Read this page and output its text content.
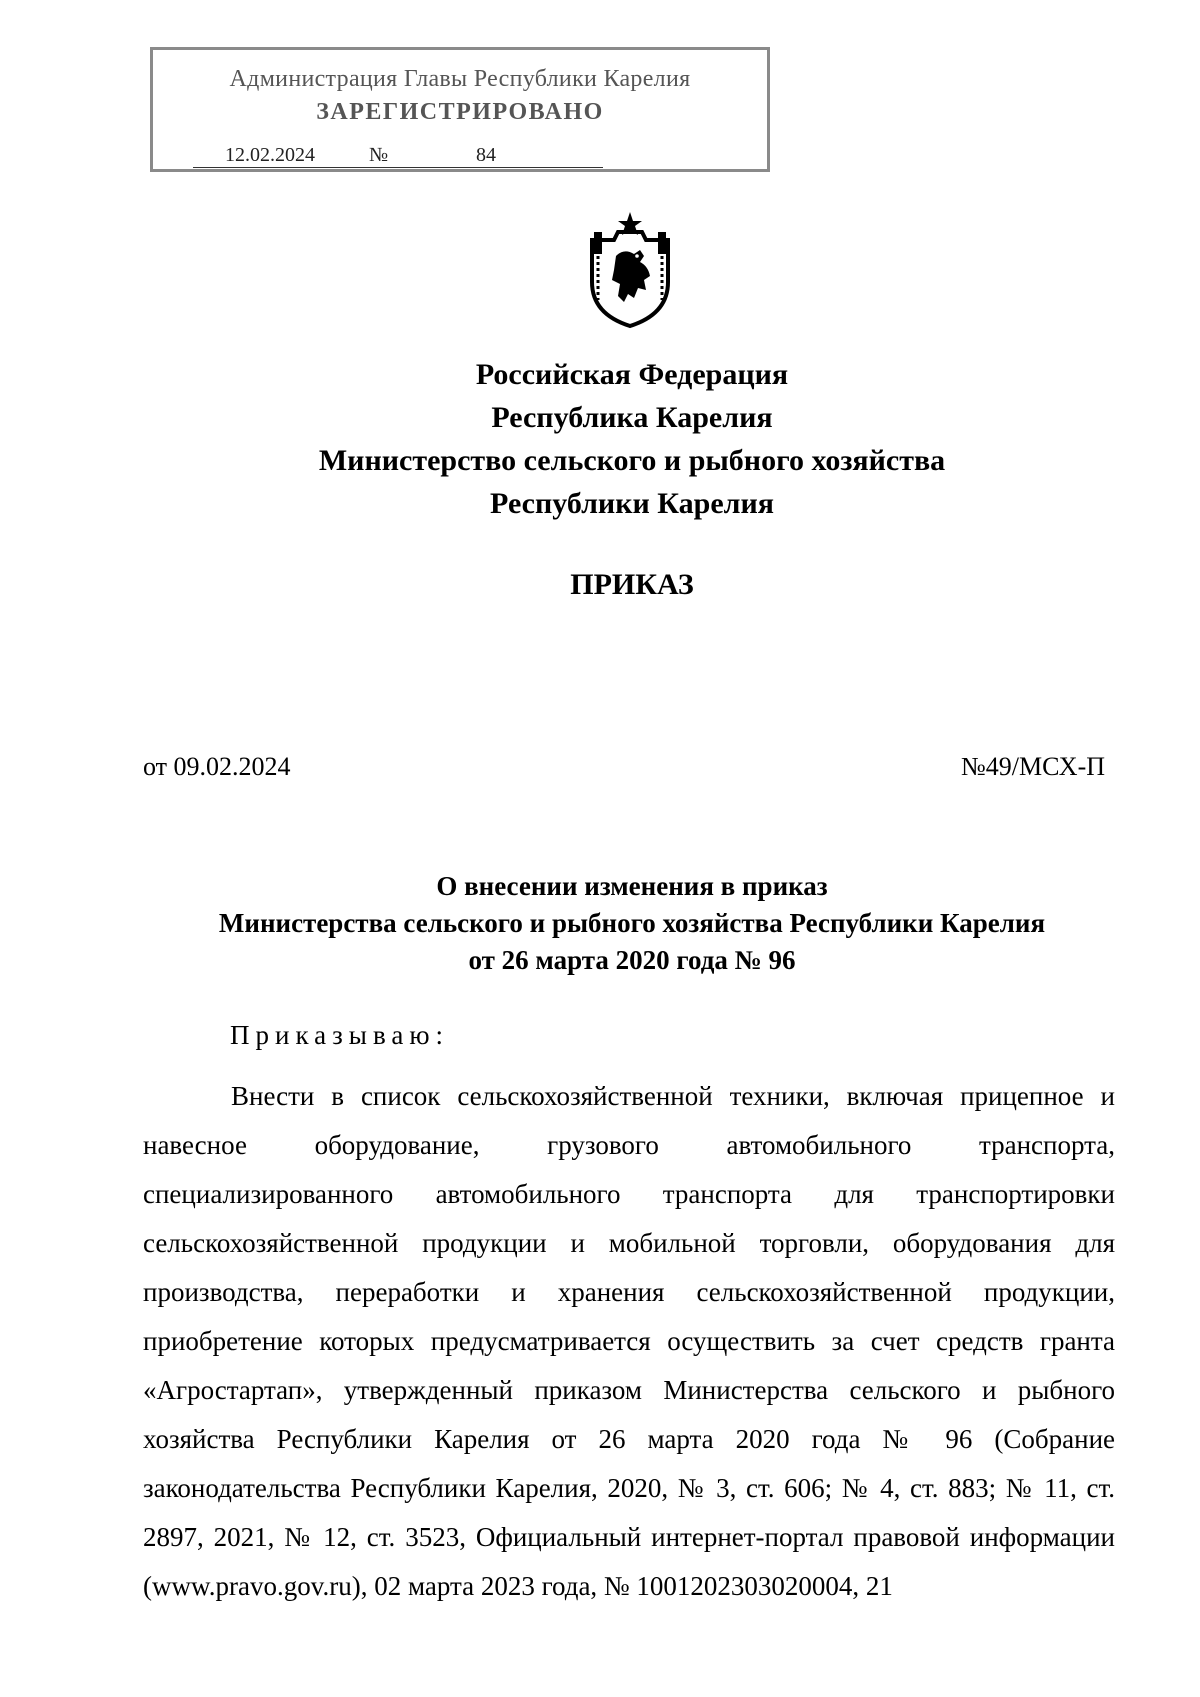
Администрация Главы Республики Карелия
ЗАРЕГИСТРИРОВАНО
12.02.2024	№	84
Российская Федерация
Республика Карелия
Министерство сельского и рыбного хозяйства
Республики Карелия
ПРИКАЗ
от 09.02.2024	№49/МСХ-П
О внесении изменения в приказ
Министерства сельского и рыбного хозяйства Республики Карелия
от 26 марта 2020 года № 96
Приказываю:

Внести в список сельскохозяйственной техники, включая прицепное и навесное оборудование, грузового автомобильного транспорта, специализированного автомобильного транспорта для транспортировки сельскохозяйственной продукции и мобильной торговли, оборудования для производства, переработки и хранения сельскохозяйственной продукции, приобретение которых предусматривается осуществить за счет средств гранта «Агростартап», утвержденный приказом Министерства сельского и рыбного хозяйства Республики Карелия от 26 марта 2020 года № 96 (Собрание законодательства Республики Карелия, 2020, № 3, ст. 606; № 4, ст. 883; № 11, ст. 2897, 2021, № 12, ст. 3523, Официальный интернет-портал правовой информации (www.pravo.gov.ru), 02 марта 2023 года, № 1001202303020004, 21
